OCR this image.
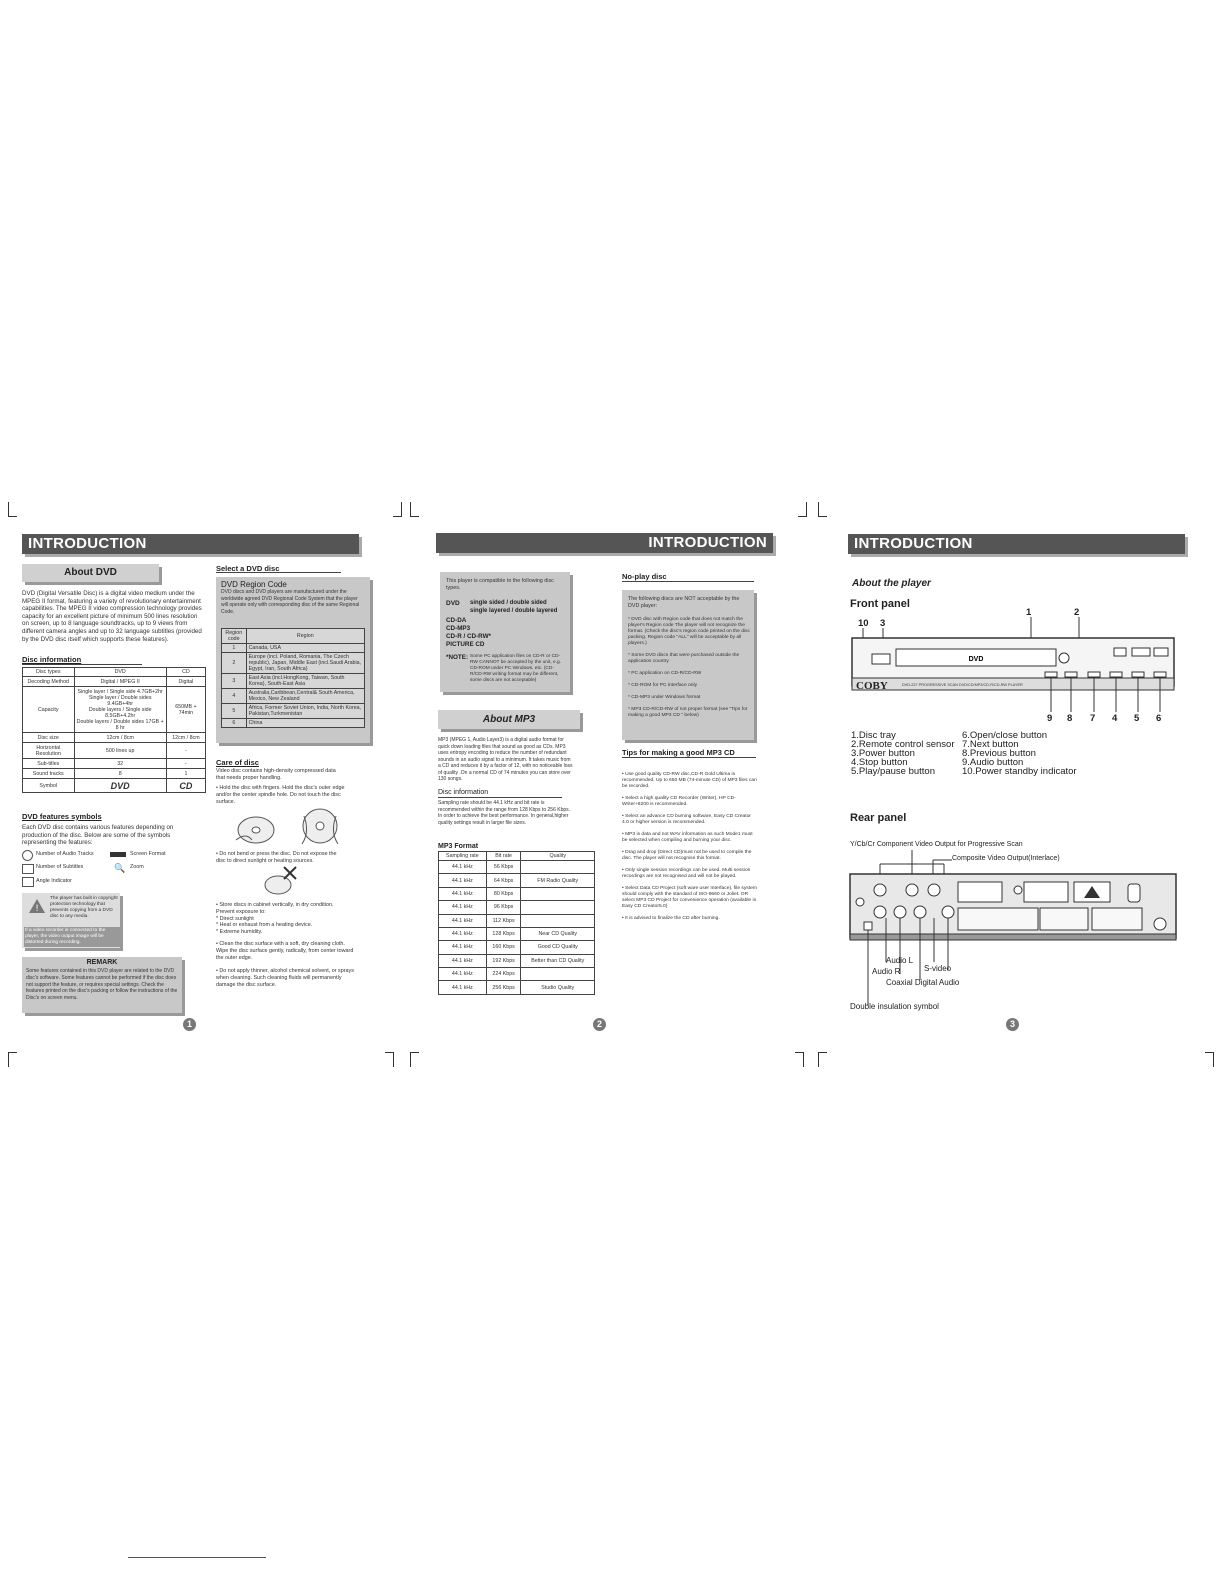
INTRODUCTION
About DVD
DVD (Digital Versatile Disc) is a digital video medium under the MPEG II format, featuring a variety of revolutionary entertainment capabilities. The MPEG II video compression technology provides capacity for an excellent picture of minimum 500 lines resolution on screen, up to 8 language soundtracks, up to 9 views from different camera angles and up to 32 language subtitles (provided by the DVD disc itself which supports these features).
Disc information
Disc types	DVD	CD
Decoding Method	Digital / MPEG II	Digital
Capacity	Single layer / Single side 4.7GB+2hr
Single layer / Double sides 9.4GB+4hr
Double layers / Single side 8.5GB+4.2hr
Double layers / Double sides 17GB + 8 hr	650MB + 74min
Disc size	12cm / 8cm	12cm / 8cm
Horizontal Resolution	500 lines up	-
Sub-titles	32	-
Sound tracks	8	1
Symbol	DVD	CD
DVD features symbols
Each DVD disc contains various features depending on production of the disc. Below are some of the symbols representing the features:
Number of Audio Tracks	Screen Format
Number of Subtitles	🔍 Zoom
Angle Indicator
!
The player has built in copyright protection technology that prevents copying from a DVD disc to any media.
If a video recorder is connected to the player, the video output image will be distorted during recording.
REMARK
Some features contained in this DVD player are related to the DVD disc's software. Some features cannot be performed if the disc does not support the feature, or requires special settings. Check the features printed on the disc's packing or follow the instructions of the Disc's on screen menu.
Select a DVD disc
DVD Region Code
DVD discs and DVD players are manufactured under the worldwide agreed DVD Regional Code System that the player will operate only with corresponding disc of the same Regional Code.
Region code	Region
1	Canada, USA
2	Europe (incl. Poland, Romania, The Czech republic), Japan, Middle East (incl.Saudi Arabia, Egypt, Iran, South Africa)
3	East Asia (incl.HongKong, Taiwan, South Korea), South-East Asia
4	Australia,Caribbean,Central& South America, Mexico, New Zealand
5	Africa, Former Soviet Union, India, North Korea, Pakistan,Turkmenistan
6	China
Care of disc
Video disc contains high-density compressed data that needs proper handling.
• Hold the disc with fingers. Hold the disc's outer edge and/or the center spindle hole. Do not touch the disc surface.
• Do not bend or press the disc. Do not expose the disc to direct sunlight or heating sources.
• Store discs in cabinet vertically, in dry condition. Prevent exposure to:
* Direct sunlight
* Heat or exhaust from a heating device.
* Extreme humidity.
• Clean the disc surface with a soft, dry cleaning cloth. Wipe the disc surface gently, radically, from center toward the outer edge.
• Do not apply thinner, alcohol chemical solvent, or sprays when cleaning. Such cleaning fluids will permanently damage the disc surface.
1
INTRODUCTION
This player is compatible to the following disc types.
DVD single sided / double sided
single layered / double layered
CD-DA
CD-MP3
CD-R / CD-RW*
PICTURE CD
*NOTE: Some PC application files on CD-R or CD-RW CANNOT be accepted by the unit, e.g. CD-ROM under PC Windows, etc. (CD-R/CD-RW writing format may be different, some discs are not acceptable)
About MP3
MP3 (MPEG 1, Audio Layer3) is a digital audio format for quick down loading files that sound as good as CDs. MP3 uses entropy encoding to reduce the number of redundant sounds in an audio signal to a minimum. It takes music from a CD and reduces it by a factor of 12, with no noticeable loss of quality .On a normal CD of 74 minutes you can store over 130 songs.
Disc information
Sampling rate should be 44.1 kHz and bit rate is recommended within the range from 128 Kbps to 256 Kbps. In order to achieve the best performance. In general,higher quality settings result in larger file sizes.
MP3 Format
Sampling rate	Bit rate	Quality
44.1 kHz	56 Kbps	
44.1 kHz	64 Kbps	FM Radio Quality
44.1 kHz	80 Kbps	
44.1 kHz	96 Kbps	
44.1 kHz	112 Kbps	
44.1 kHz	128 Kbps	Near CD Quality
44.1 kHz	160 Kbps	Good CD Quality
44.1 kHz	192 Kbps	Better than CD Quality
44.1 kHz	224 Kbps	
44.1 kHz	256 Kbps	Studio Quality
No-play disc
The following discs are NOT acceptable by the DVD player:
* DVD disc with Region code that does not match the player's Region code The player will not recognize the format. (Check the disc's region code printed on the disc packing. Region code "ALL" will be acceptable by all players.)
* Some DVD discs that were purchased outside the application country
* PC application on CD-R/CD-RW
* CD-ROM for PC interface only
* CD-MP3 under Windows format
* MP3 CD-R/CD-RW of not proper format (see "Tips for making a good MP3 CD " below)
Tips for making a good MP3 CD
• Use good quality CD-RW disc,CD-R Gold Ultima is recommended. Up to 650 MB (74-minute CD) of MP3 files can be recorded.
• Select a high quality CD Recorder (Writer), HP CD-Writer+8200 is recommended.
• Select an advance CD burning software, Easy CD Creator 4.0 or higher version is recommended.
• MP3 is data and not WAV information as such Mode1 must be selected when compiling and burning your disc.
• Drag and drop (Direct CD)must not be used to compile the disc. The player will not recognise this format.
• Only single session recordings can be used. Multi session recordings are not recognised and will not be played.
• Select Data CD Project (soft ware user Interface). file system should comply with the standard of ISO-9660 or Joliet. OR select MP3 CD Project for convenience operation (available in Easy CD Creator5.0)
• It is advised to finalize the CD after burning.
2
INTRODUCTION
About the player
Front panel
1	2
10 3
DVD
COBY	DVD-227 PROGRESSIVE SCAN DVD/CD/MP3/CD-R/CD-RW PLAYER
9 8 7 4 5 6
1.Disc tray
2.Remote control sensor
3.Power button
4.Stop button
5.Play/pause button
6.Open/close button
7.Next button
8.Previous button
9.Audio button
10.Power standby indicator
Rear panel
Y/Cb/Cr Component Video Output for Progressive Scan
Composite Video Output(Interlace)
Audio L
Audio R	S-video
Coaxial Digital Audio
Double insulation symbol
3
